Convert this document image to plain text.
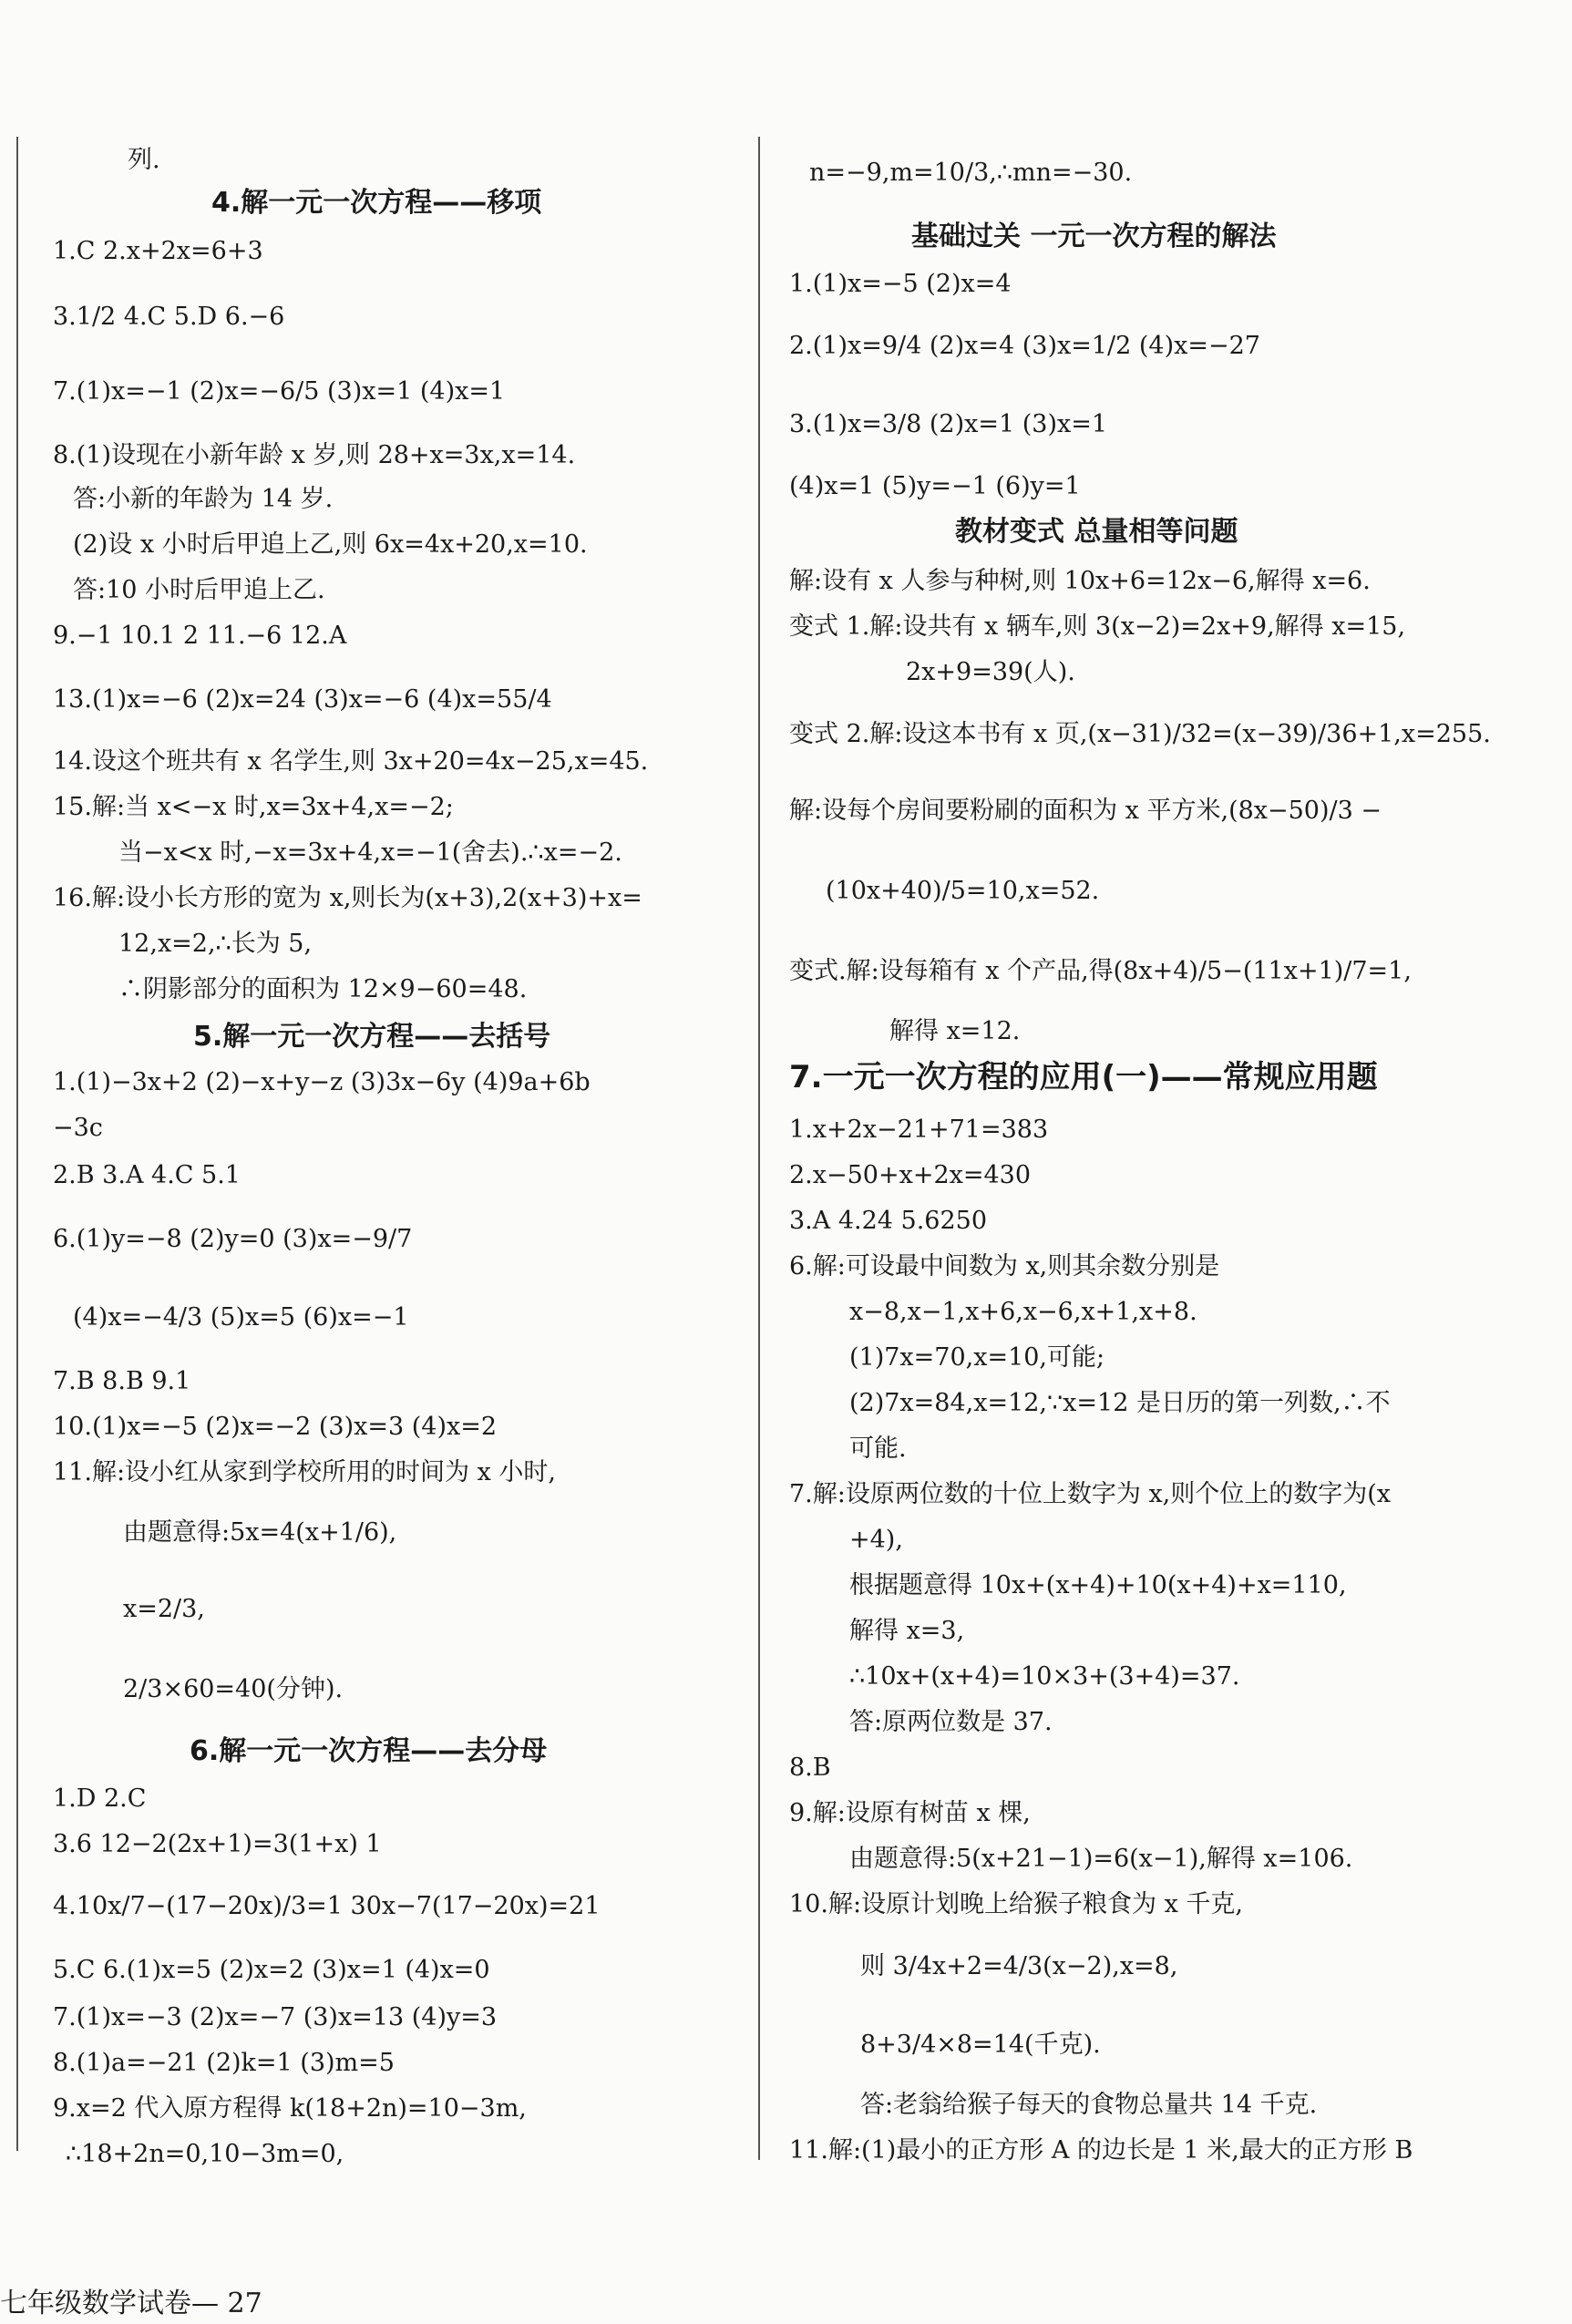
列.
4.解一元一次方程——移项
1.C 2.x+2x=6+3
3.1/2 4.C 5.D 6.−6
7.(1)x=−1 (2)x=−6/5 (3)x=1 (4)x=1
8.(1)设现在小新年龄 x 岁,则 28+x=3x,x=14.
答:小新的年龄为 14 岁.
(2)设 x 小时后甲追上乙,则 6x=4x+20,x=10.
答:10 小时后甲追上乙.
9.−1 10.1 2 11.−6 12.A
13.(1)x=−6 (2)x=24 (3)x=−6 (4)x=55/4
14.设这个班共有 x 名学生,则 3x+20=4x−25,x=45.
15.解:当 x<−x 时,x=3x+4,x=−2;
当−x<x 时,−x=3x+4,x=−1(舍去).∴x=−2.
16.解:设小长方形的宽为 x,则长为(x+3),2(x+3)+x=
12,x=2,∴长为 5,
∴阴影部分的面积为 12×9−60=48.
5.解一元一次方程——去括号
1.(1)−3x+2 (2)−x+y−z (3)3x−6y (4)9a+6b
−3c
2.B 3.A 4.C 5.1
6.(1)y=−8 (2)y=0 (3)x=−9/7
(4)x=−4/3 (5)x=5 (6)x=−1
7.B 8.B 9.1
10.(1)x=−5 (2)x=−2 (3)x=3 (4)x=2
11.解:设小红从家到学校所用的时间为 x 小时,
由题意得:5x=4(x+1/6),
x=2/3,
2/3×60=40(分钟).
6.解一元一次方程——去分母
1.D 2.C
3.6 12−2(2x+1)=3(1+x) 1
4.10x/7−(17−20x)/3=1 30x−7(17−20x)=21
5.C 6.(1)x=5 (2)x=2 (3)x=1 (4)x=0
7.(1)x=−3 (2)x=−7 (3)x=13 (4)y=3
8.(1)a=−21 (2)k=1 (3)m=5
9.x=2 代入原方程得 k(18+2n)=10−3m,
∴18+2n=0,10−3m=0,
n=−9,m=10/3,∴mn=−30.
基础过关 一元一次方程的解法
1.(1)x=−5 (2)x=4
2.(1)x=9/4 (2)x=4 (3)x=1/2 (4)x=−27
3.(1)x=3/8 (2)x=1 (3)x=1
(4)x=1 (5)y=−1 (6)y=1
教材变式 总量相等问题
解:设有 x 人参与种树,则 10x+6=12x−6,解得 x=6.
变式 1.解:设共有 x 辆车,则 3(x−2)=2x+9,解得 x=15,
2x+9=39(人).
变式 2.解:设这本书有 x 页,(x−31)/32=(x−39)/36+1,x=255.
解:设每个房间要粉刷的面积为 x 平方米,(8x−50)/3 −
(10x+40)/5=10,x=52.
变式.解:设每箱有 x 个产品,得(8x+4)/5−(11x+1)/7=1,
解得 x=12.
7.一元一次方程的应用(一)——常规应用题
1.x+2x−21+71=383
2.x−50+x+2x=430
3.A 4.24 5.6250
6.解:可设最中间数为 x,则其余数分别是
x−8,x−1,x+6,x−6,x+1,x+8.
(1)7x=70,x=10,可能;
(2)7x=84,x=12,∵x=12 是日历的第一列数,∴不
可能.
7.解:设原两位数的十位上数字为 x,则个位上的数字为(x
+4),
根据题意得 10x+(x+4)+10(x+4)+x=110,
解得 x=3,
∴10x+(x+4)=10×3+(3+4)=37.
答:原两位数是 37.
8.B
9.解:设原有树苗 x 棵,
由题意得:5(x+21−1)=6(x−1),解得 x=106.
10.解:设原计划晚上给猴子粮食为 x 千克,
则 3/4x+2=4/3(x−2),x=8,
8+3/4×8=14(千克).
答:老翁给猴子每天的食物总量共 14 千克.
11.解:(1)最小的正方形 A 的边长是 1 米,最大的正方形 B
七年级数学试卷— 27
